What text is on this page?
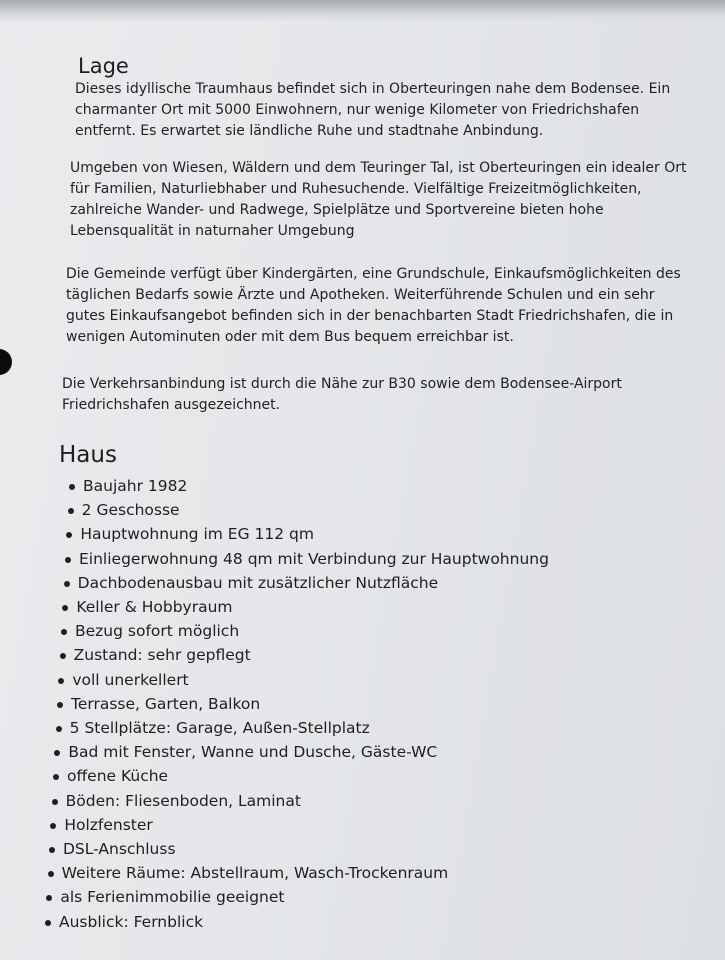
Lage

Dieses idyllische Traumhaus befindet sich in Oberteuringen nahe dem Bodensee. Ein charmanter Ort mit 5000 Einwohnern, nur wenige Kilometer von Friedrichshafen entfernt. Es erwartet sie ländliche Ruhe und stadtnahe Anbindung.

Umgeben von Wiesen, Wäldern und dem Teuringer Tal, ist Oberteuringen ein idealer Ort für Familien, Naturliebhaber und Ruhesuchende. Vielfältige Freizeitmöglichkeiten, zahlreiche Wander- und Radwege, Spielplätze und Sportvereine bieten hohe Lebensqualität in naturnaher Umgebung

Die Gemeinde verfügt über Kindergärten, eine Grundschule, Einkaufsmöglichkeiten des täglichen Bedarfs sowie Ärzte und Apotheken. Weiterführende Schulen und ein sehr gutes Einkaufsangebot befinden sich in der benachbarten Stadt Friedrichshafen, die in wenigen Autominuten oder mit dem Bus bequem erreichbar ist.

Die Verkehrsanbindung ist durch die Nähe zur B30 sowie dem Bodensee-Airport Friedrichshafen ausgezeichnet.

Haus
Baujahr 1982
2 Geschosse
Hauptwohnung im EG 112 qm
Einliegerwohnung 48 qm mit Verbindung zur Hauptwohnung
Dachbodenausbau mit zusätzlicher Nutzfläche
Keller & Hobbyraum
Bezug sofort möglich
Zustand: sehr gepflegt
voll unerkellert
Terrasse, Garten, Balkon
5 Stellplätze: Garage, Außen-Stellplatz
Bad mit Fenster, Wanne und Dusche, Gäste-WC
offene Küche
Böden: Fliesenboden, Laminat
Holzfenster
DSL-Anschluss
Weitere Räume: Abstellraum, Wasch-Trockenraum
als Ferienimmobilie geeignet
Ausblick: Fernblick
